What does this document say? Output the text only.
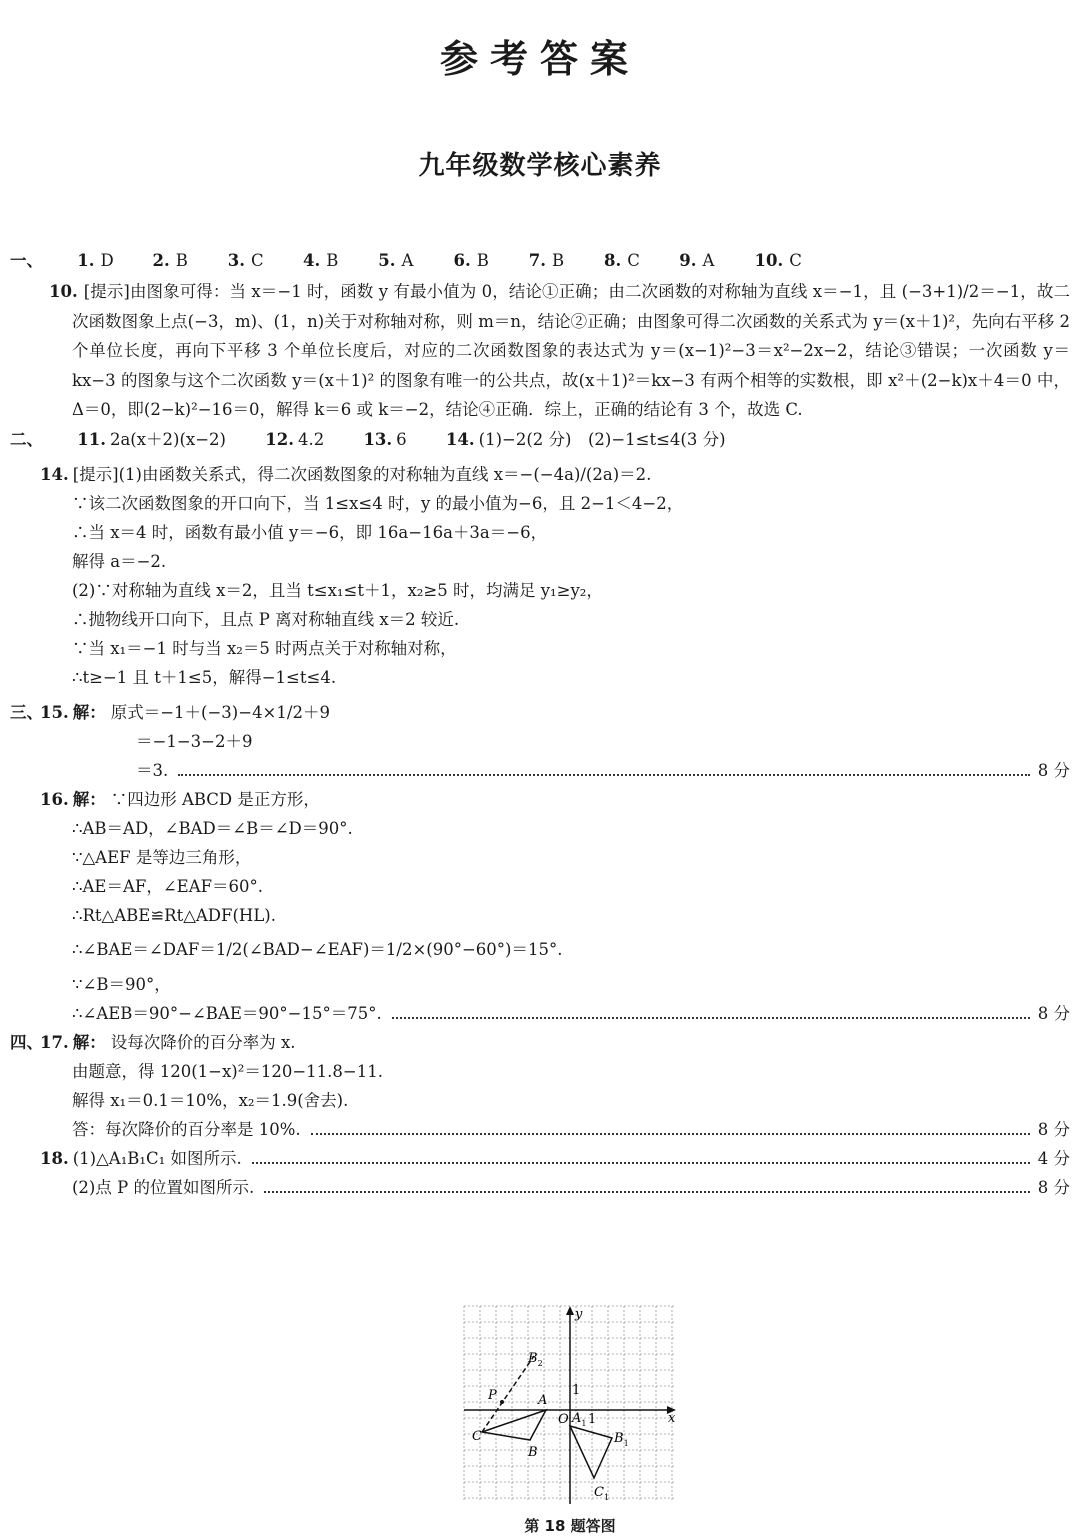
参考答案
九年级数学核心素养
一、 1. D 2. B 3. C 4. B 5. A 6. B 7. B 8. C 9. A 10. C
10. [提示]由图象可得：当 x＝−1 时，函数 y 有最小值为 0，结论①正确；由二次函数的对称轴为直线 x＝−1，且 (−3+1)/2＝−1，故二次函数图象上点(−3，m)、(1，n)关于对称轴对称，则 m＝n，结论②正确；由图象可得二次函数的关系式为 y＝(x＋1)²，先向右平移 2 个单位长度，再向下平移 3 个单位长度后，对应的二次函数图象的表达式为 y＝(x−1)²−3＝x²−2x−2，结论③错误；一次函数 y＝kx−3 的图象与这个二次函数 y＝(x＋1)² 的图象有唯一的公共点，故(x＋1)²＝kx−3 有两个相等的实数根，即 x²＋(2−k)x＋4＝0 中，Δ＝0，即(2−k)²−16＝0，解得 k＝6 或 k＝−2，结论④正确．综上，正确的结论有 3 个，故选 C.
二、 11. 2a(x＋2)(x−2) 12. 4.2 13. 6 14. (1)−2(2 分)　(2)−1≤t≤4(3 分)
14. [提示](1)由函数关系式，得二次函数图象的对称轴为直线 x＝−(−4a)/(2a)＝2.
∵该二次函数图象的开口向下，当 1≤x≤4 时，y 的最小值为−6，且 2−1＜4−2，
∴当 x＝4 时，函数有最小值 y＝−6，即 16a−16a＋3a＝−6，
解得 a＝−2.
(2)∵对称轴为直线 x＝2，且当 t≤x₁≤t＋1，x₂≥5 时，均满足 y₁≥y₂，
∴抛物线开口向下，且点 P 离对称轴直线 x＝2 较近.
∵当 x₁＝−1 时与当 x₂＝5 时两点关于对称轴对称，
∴t≥−1 且 t＋1≤5，解得−1≤t≤4.
三、15. 解： 原式＝−1＋(−3)−4×1/2＋9
＝−1−3−2＋9
＝3.	8 分
16. 解： ∵四边形 ABCD 是正方形，
∴AB＝AD，∠BAD＝∠B＝∠D＝90°.
∵△AEF 是等边三角形，
∴AE＝AF，∠EAF＝60°.
∴Rt△ABE≌Rt△ADF(HL).
∴∠BAE＝∠DAF＝1/2(∠BAD−∠EAF)＝1/2×(90°−60°)＝15°.
∵∠B＝90°，
∴∠AEB＝90°−∠BAE＝90°−15°＝75°.	8 分
四、17. 解： 设每次降价的百分率为 x.
由题意，得 120(1−x)²＝120−11.8−11.
解得 x₁＝0.1＝10%，x₂＝1.9(舍去).
答：每次降价的百分率是 10%.	8 分
18. (1)△A₁B₁C₁ 如图所示.	4 分
(2)点 P 的位置如图所示.	8 分
x
y
O 1
1
A
C
B
P
$B_2$
$A_1$
$B_1$
$C_1$
第 18 题答图
